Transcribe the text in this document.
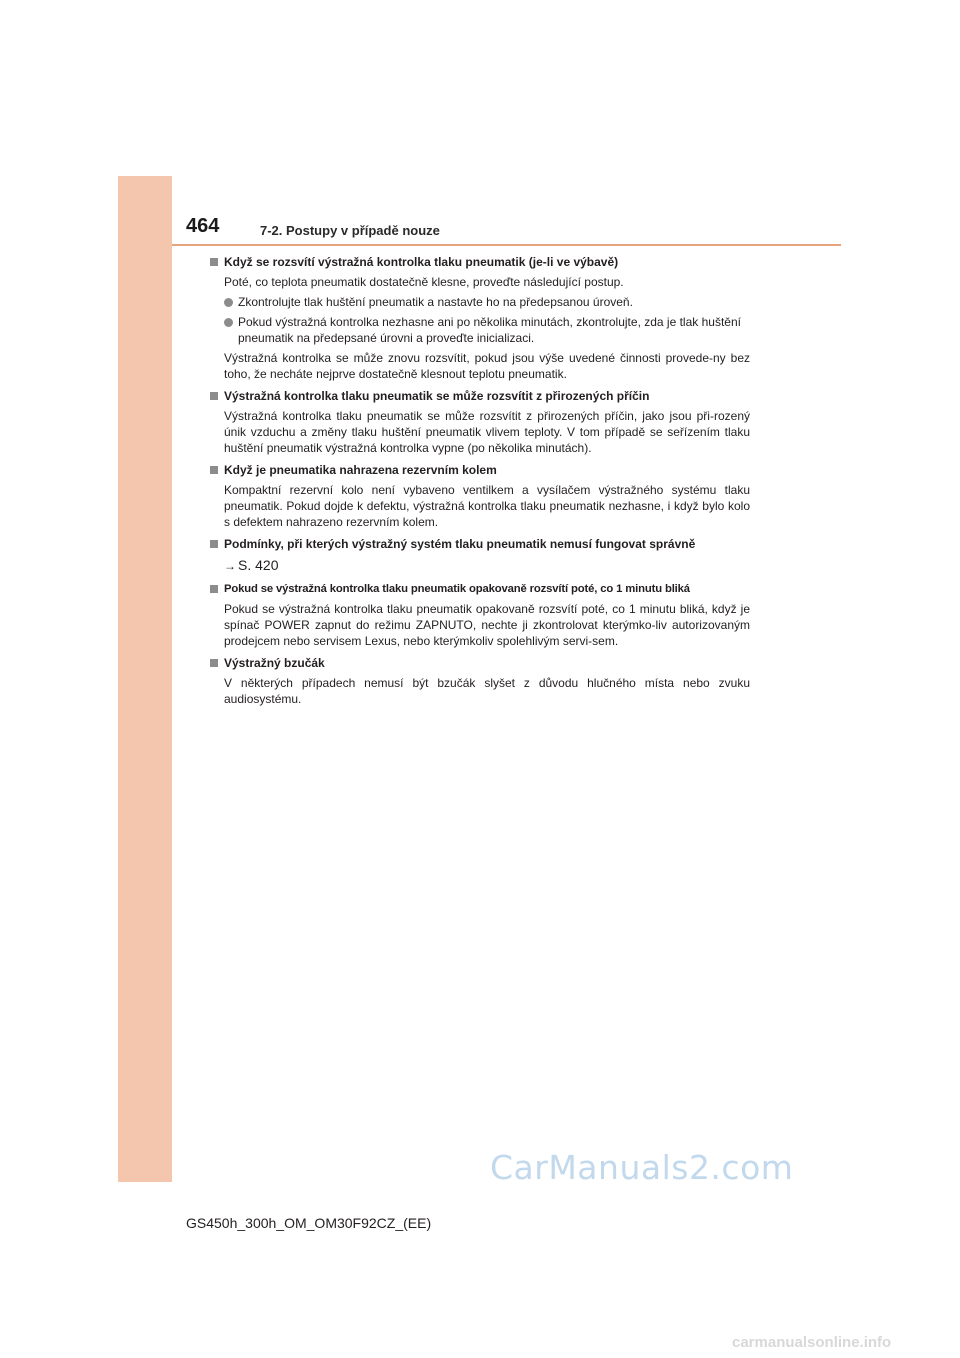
464	7-2. Postupy v případě nouze
Když se rozsvítí výstražná kontrolka tlaku pneumatik (je-li ve výbavě)

Poté, co teplota pneumatik dostatečně klesne, proveďte následující postup.

Zkontrolujte tlak huštění pneumatik a nastavte ho na předepsanou úroveň.

Pokud výstražná kontrolka nezhasne ani po několika minutách, zkontrolujte, zda je tlak huštění pneumatik na předepsané úrovni a proveďte inicializaci.

Výstražná kontrolka se může znovu rozsvítit, pokud jsou výše uvedené činnosti provede-ny bez toho, že necháte nejprve dostatečně klesnout teplotu pneumatik.

Výstražná kontrolka tlaku pneumatik se může rozsvítit z přirozených příčin

Výstražná kontrolka tlaku pneumatik se může rozsvítit z přirozených příčin, jako jsou při-rozený únik vzduchu a změny tlaku huštění pneumatik vlivem teploty. V tom případě se seřízením tlaku huštění pneumatik výstražná kontrolka vypne (po několika minutách).

Když je pneumatika nahrazena rezervním kolem

Kompaktní rezervní kolo není vybaveno ventilkem a vysílačem výstražného systému tlaku pneumatik. Pokud dojde k defektu, výstražná kontrolka tlaku pneumatik nezhasne, i když bylo kolo s defektem nahrazeno rezervním kolem.

Podmínky, při kterých výstražný systém tlaku pneumatik nemusí fungovat správně

→ S. 420

Pokud se výstražná kontrolka tlaku pneumatik opakovaně rozsvítí poté, co 1 minutu bliká

Pokud se výstražná kontrolka tlaku pneumatik opakovaně rozsvítí poté, co 1 minutu bliká, když je spínač POWER zapnut do režimu ZAPNUTO, nechte ji zkontrolovat kterýmko-liv autorizovaným prodejcem nebo servisem Lexus, nebo kterýmkoliv spolehlivým servi-sem.

Výstražný bzučák

V některých případech nemusí být bzučák slyšet z důvodu hlučného místa nebo zvuku audiosystému.

CarManuals2.com
GS450h_300h_OM_OM30F92CZ_(EE)
carmanualsonline.info
